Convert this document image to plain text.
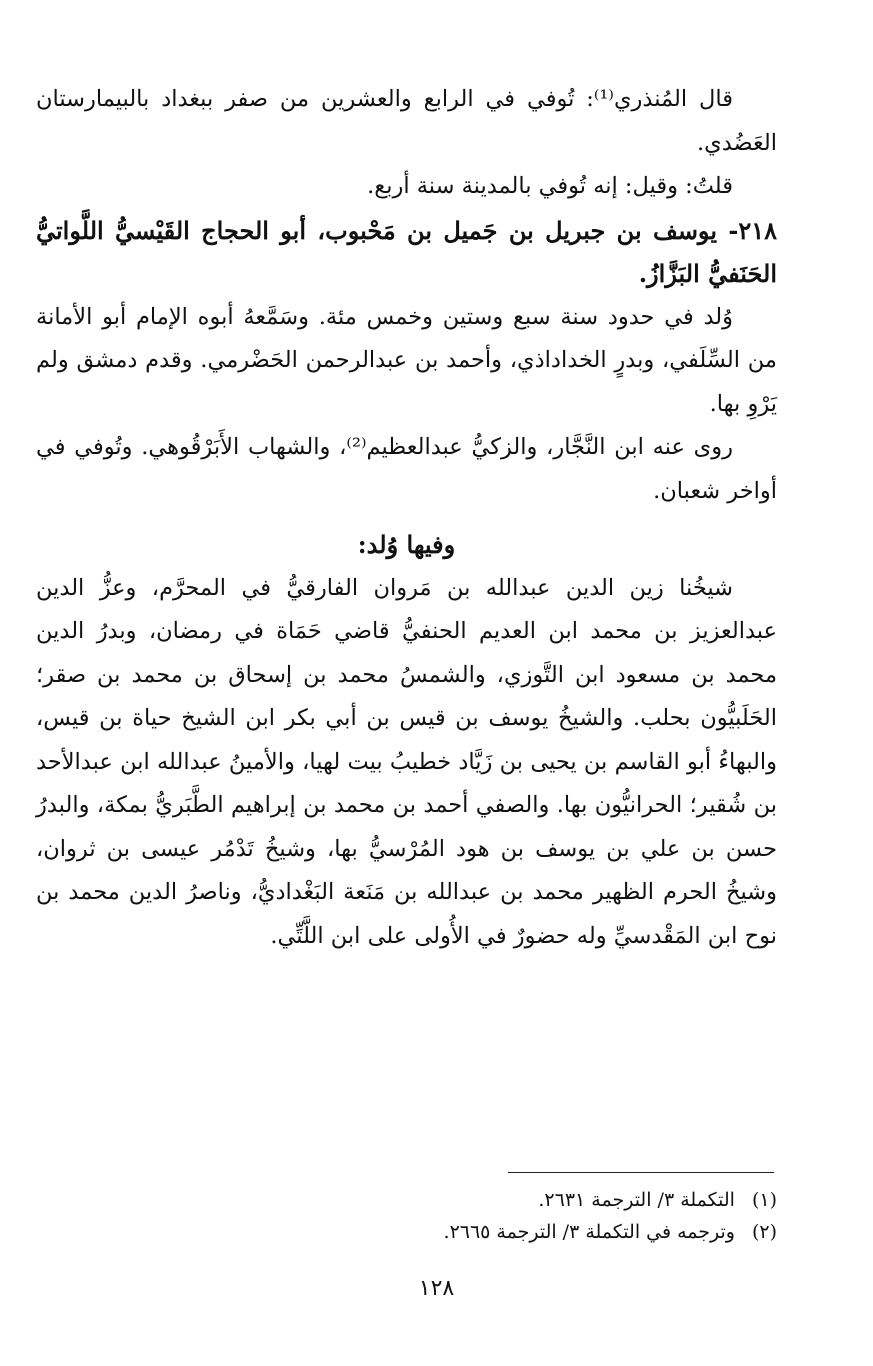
قال المُنذري⁽¹⁾: تُوفي في الرابع والعشرين من صفر ببغداد بالبيمارستان العَضُدي.

قلتُ: وقيل: إنه تُوفي بالمدينة سنة أربع.

٢١٨- يوسف بن جبريل بن جَميل بن مَحْبوب، أبو الحجاج القَيْسيُّ اللَّواتيُّ الحَنَفيُّ البَزَّازُ.

وُلد في حدود سنة سبع وستين وخمس مئة. وسَمَّعهُ أبوه الإمام أبو الأمانة من السِّلَفي، وبدرٍ الخداداذي، وأحمد بن عبدالرحمن الحَضْرمي. وقدم دمشق ولم يَرْوِ بها.

روى عنه ابن النَّجَّار، والزكيُّ عبدالعظيم⁽²⁾، والشهاب الأَبَرْقُوهي. وتُوفي في أواخر شعبان.

وفيها وُلد:

شيخُنا زين الدين عبدالله بن مَروان الفارقيُّ في المحرَّم، وعزُّ الدين عبدالعزيز بن محمد ابن العديم الحنفيُّ قاضي حَمَاة في رمضان، وبدرُ الدين محمد بن مسعود ابن التَّوزي، والشمسُ محمد بن إسحاق بن محمد بن صقر؛ الحَلَبيُّون بحلب. والشيخُ يوسف بن قيس بن أبي بكر ابن الشيخ حياة بن قيس، والبهاءُ أبو القاسم بن يحيى بن زَيَّاد خطيبُ بيت لهيا، والأمينُ عبدالله ابن عبدالأحد بن شُقير؛ الحرانيُّون بها. والصفي أحمد بن محمد بن إبراهيم الطَّبَريُّ بمكة، والبدرُ حسن بن علي بن يوسف بن هود المُرْسيُّ بها، وشيخُ تَدْمُر عيسى بن ثروان، وشيخُ الحرم الظهير محمد بن عبدالله بن مَنَعة البَغْداديُّ، وناصرُ الدين محمد بن نوح ابن المَقْدسيِّ وله حضورٌ في الأُولى على ابن اللَّتِّي.

(١) التكملة ٣/ الترجمة ٢٦٣١.

(٢) وترجمه في التكملة ٣/ الترجمة ٢٦٦٥.

١٢٨
